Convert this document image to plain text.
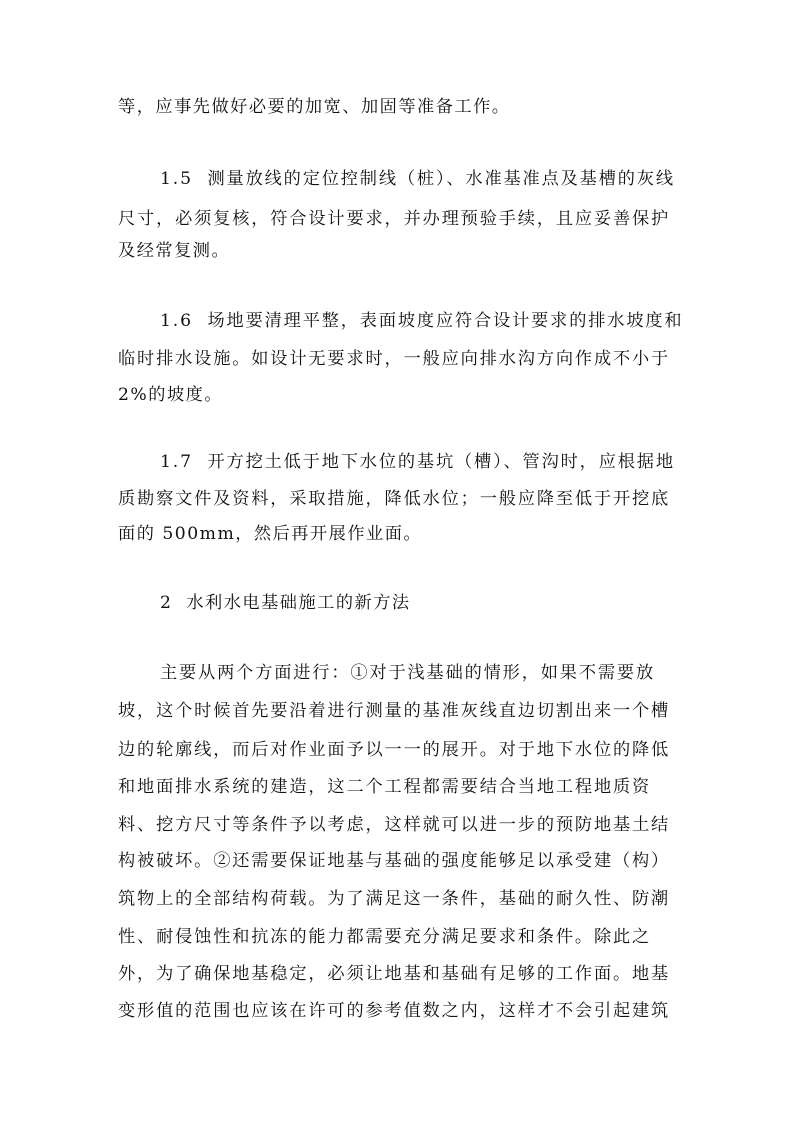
等，应事先做好必要的加宽、加固等准备工作。
1.5  测量放线的定位控制线（桩）、水准基准点及基槽的灰线
尺寸，必须复核，符合设计要求，并办理预验手续，且应妥善保护
及经常复测。
1.6  场地要清理平整，表面坡度应符合设计要求的排水坡度和
临时排水设施。如设计无要求时，一般应向排水沟方向作成不小于
2%的坡度。
1.7  开方挖土低于地下水位的基坑（槽）、管沟时，应根据地
质勘察文件及资料，采取措施，降低水位；一般应降至低于开挖底
面的 500mm，然后再开展作业面。
2  水利水电基础施工的新方法
主要从两个方面进行：①对于浅基础的情形，如果不需要放
坡，这个时候首先要沿着进行测量的基准灰线直边切割出来一个槽
边的轮廓线，而后对作业面予以一一的展开。对于地下水位的降低
和地面排水系统的建造，这二个工程都需要结合当地工程地质资
料、挖方尺寸等条件予以考虑，这样就可以进一步的预防地基土结
构被破坏。②还需要保证地基与基础的强度能够足以承受建（构）
筑物上的全部结构荷载。为了满足这一条件，基础的耐久性、防潮
性、耐侵蚀性和抗冻的能力都需要充分满足要求和条件。除此之
外，为了确保地基稳定，必须让地基和基础有足够的工作面。地基
变形值的范围也应该在许可的参考值数之内，这样才不会引起建筑
